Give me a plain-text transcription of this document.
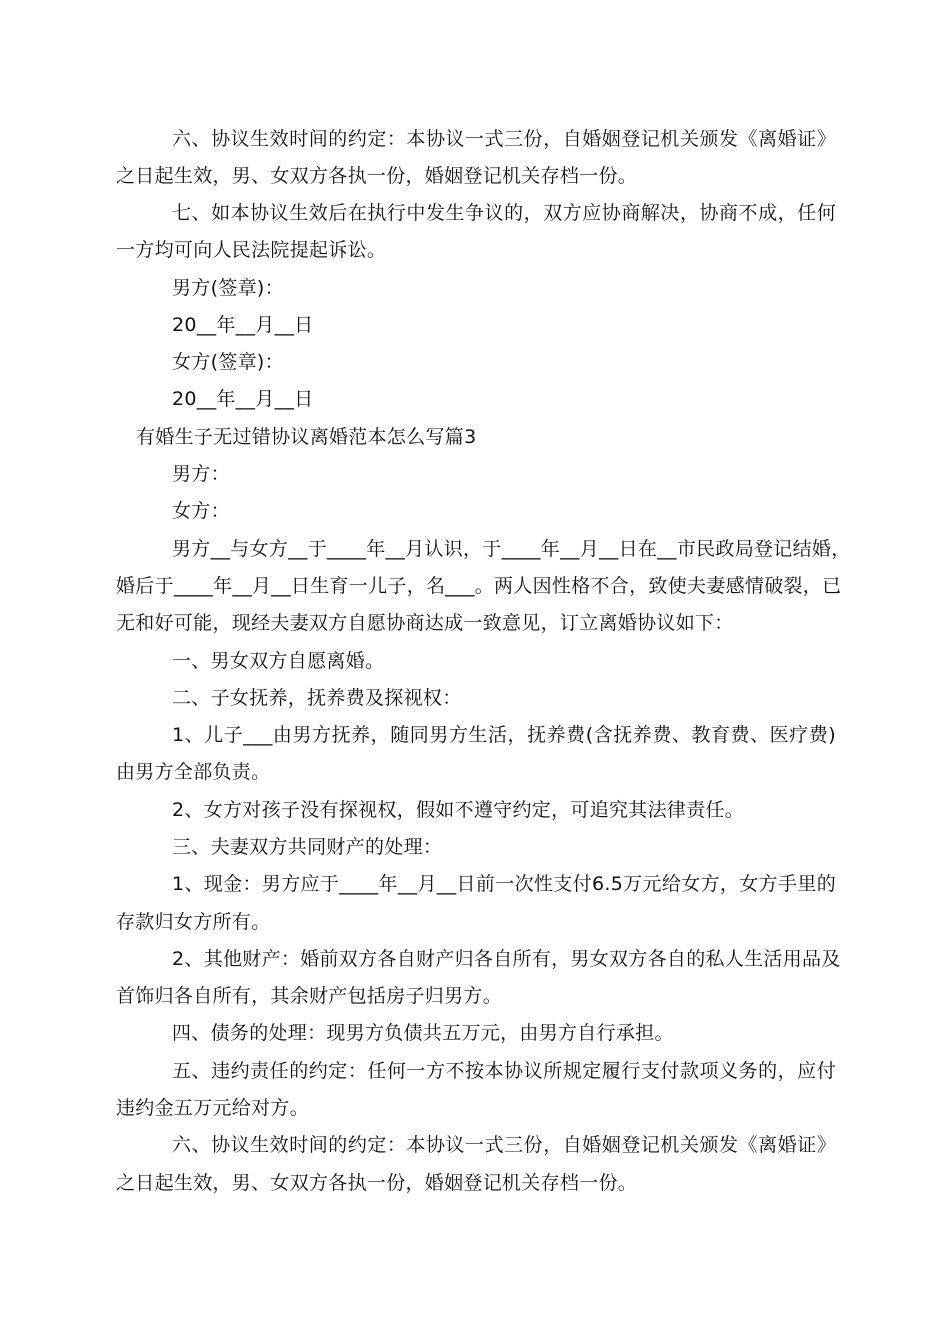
六、协议生效时间的约定：本协议一式三份，自婚姻登记机关颁发《离婚证》
之日起生效，男、女双方各执一份，婚姻登记机关存档一份。
七、如本协议生效后在执行中发生争议的，双方应协商解决，协商不成，任何
一方均可向人民法院提起诉讼。
男方(签章)：
20__年__月__日
女方(签章)：
20__年__月__日
有婚生子无过错协议离婚范本怎么写篇3
男方：
女方：
男方__与女方__于____年__月认识，于____年__月__日在__市民政局登记结婚，
婚后于____年__月__日生育一儿子，名___。两人因性格不合，致使夫妻感情破裂，已
无和好可能，现经夫妻双方自愿协商达成一致意见，订立离婚协议如下：
一、男女双方自愿离婚。
二、子女抚养，抚养费及探视权：
1、儿子___由男方抚养，随同男方生活，抚养费(含抚养费、教育费、医疗费)
由男方全部负责。
2、女方对孩子没有探视权，假如不遵守约定，可追究其法律责任。
三、夫妻双方共同财产的处理：
1、现金：男方应于____年__月__日前一次性支付6.5万元给女方，女方手里的
存款归女方所有。
2、其他财产：婚前双方各自财产归各自所有，男女双方各自的私人生活用品及
首饰归各自所有，其余财产包括房子归男方。
四、债务的处理：现男方负债共五万元，由男方自行承担。
五、违约责任的约定：任何一方不按本协议所规定履行支付款项义务的，应付
违约金五万元给对方。
六、协议生效时间的约定：本协议一式三份，自婚姻登记机关颁发《离婚证》
之日起生效，男、女双方各执一份，婚姻登记机关存档一份。
